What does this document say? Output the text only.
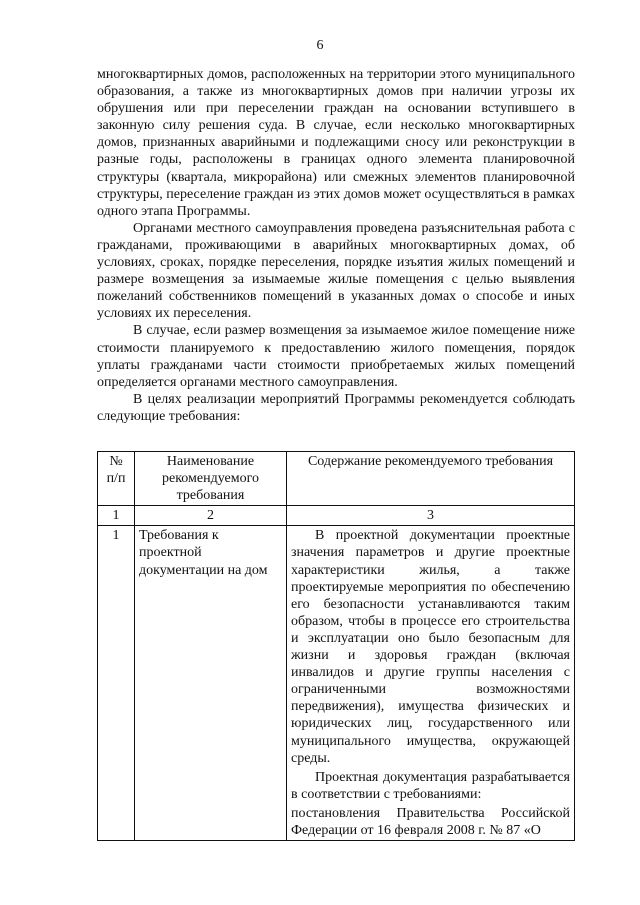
6

многоквартирных домов, расположенных на территории этого муниципального образования, а также из многоквартирных домов при наличии угрозы их обрушения или при переселении граждан на основании вступившего в законную силу решения суда. В случае, если несколько многоквартирных домов, признанных аварийными и подлежащими сносу или реконструкции в разные годы, расположены в границах одного элемента планировочной структуры (квартала, микрорайона) или смежных элементов планировочной структуры, переселение граждан из этих домов может осуществляться в рамках одного этапа Программы.

Органами местного самоуправления проведена разъяснительная работа с гражданами, проживающими в аварийных многоквартирных домах, об условиях, сроках, порядке переселения, порядке изъятия жилых помещений и размере возмещения за изымаемые жилые помещения с целью выявления пожеланий собственников помещений в указанных домах о способе и иных условиях их переселения.

В случае, если размер возмещения за изымаемое жилое помещение ниже стоимости планируемого к предоставлению жилого помещения, порядок уплаты гражданами части стоимости приобретаемых жилых помещений определяется органами местного самоуправления.

В целях реализации мероприятий Программы рекомендуется соблюдать следующие требования:

№ п/п	Наименование рекомендуемого требования	Содержание рекомендуемого требования
1	2	3
1	Требования к проектной документации на дом	В проектной документации проектные значения параметров и другие проектные характеристики жилья, а также проектируемые мероприятия по обеспечению его безопасности устанавливаются таким образом, чтобы в процессе его строительства и эксплуатации оно было безопасным для жизни и здоровья граждан (включая инвалидов и другие группы населения с ограниченными возможностями передвижения), имущества физических и юридических лиц, государственного или муниципального имущества, окружающей среды.

Проектная документация разрабатывается в соответствии с требованиями:

постановления Правительства Российской Федерации от 16 февраля 2008 г. № 87 «О
